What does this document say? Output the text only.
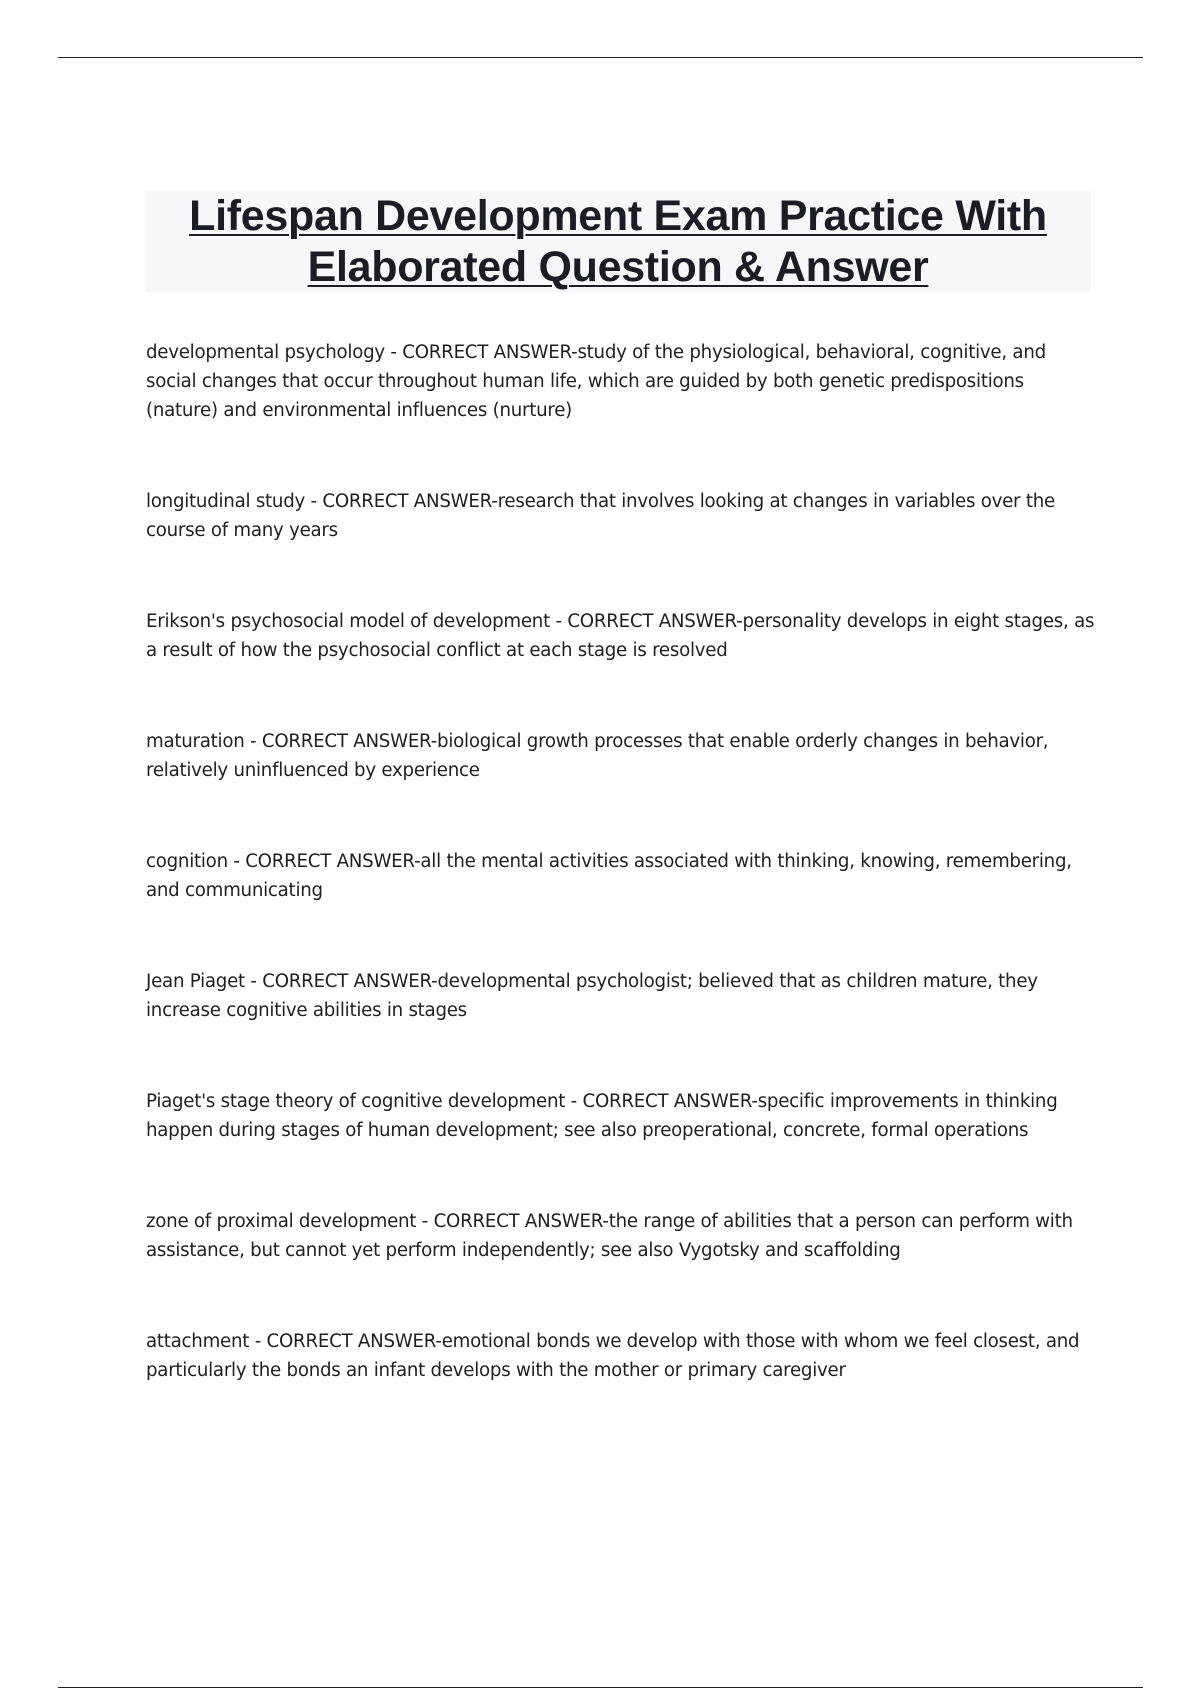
Lifespan Development Exam Practice With
Elaborated Question & Answer

developmental psychology - CORRECT ANSWER-study of the physiological, behavioral, cognitive, and social changes that occur throughout human life, which are guided by both genetic predispositions (nature) and environmental influences (nurture)

longitudinal study - CORRECT ANSWER-research that involves looking at changes in variables over the course of many years

Erikson's psychosocial model of development - CORRECT ANSWER-personality develops in eight stages, as a result of how the psychosocial conflict at each stage is resolved

maturation - CORRECT ANSWER-biological growth processes that enable orderly changes in behavior, relatively uninfluenced by experience

cognition - CORRECT ANSWER-all the mental activities associated with thinking, knowing, remembering, and communicating

Jean Piaget - CORRECT ANSWER-developmental psychologist; believed that as children mature, they increase cognitive abilities in stages

Piaget's stage theory of cognitive development - CORRECT ANSWER-specific improvements in thinking happen during stages of human development; see also preoperational, concrete, formal operations

zone of proximal development - CORRECT ANSWER-the range of abilities that a person can perform with assistance, but cannot yet perform independently; see also Vygotsky and scaffolding

attachment - CORRECT ANSWER-emotional bonds we develop with those with whom we feel closest, and particularly the bonds an infant develops with the mother or primary caregiver
